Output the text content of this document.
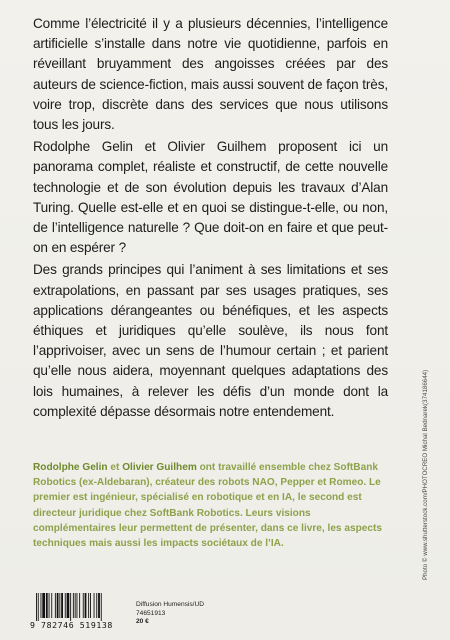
Comme l’électricité il y a plusieurs décennies, l’intelligence artificielle s’installe dans notre vie quotidienne, parfois en réveillant bruyamment des angoisses créées par des auteurs de science-fiction, mais aussi souvent de façon très, voire trop, discrète dans des services que nous utilisons tous les jours.

Rodolphe Gelin et Olivier Guilhem proposent ici un panorama complet, réaliste et constructif, de cette nouvelle technologie et de son évolution depuis les travaux d’Alan Turing. Quelle est-elle et en quoi se distingue-t-elle, ou non, de l’intelligence naturelle ? Que doit-on en faire et que peut-on en espérer ?

Des grands principes qui l’animent à ses limitations et ses extrapolations, en passant par ses usages pratiques, ses applications dérangeantes ou bénéfiques, et les aspects éthiques et juridiques qu’elle soulève, ils nous font l’apprivoiser, avec un sens de l’humour certain ; et parient qu’elle nous aidera, moyennant quelques adaptations des lois humaines, à relever les défis d’un monde dont la complexité dépasse désormais notre entendement.

Rodolphe Gelin et Olivier Guilhem ont travaillé ensemble chez SoftBank Robotics (ex-Aldebaran), créateur des robots NAO, Pepper et Romeo. Le premier est ingénieur, spécialisé en robotique et en IA, le second est directeur juridique chez SoftBank Robotics. Leurs visions complémentaires leur permettent de présenter, dans ce livre, les aspects techniques mais aussi les impacts sociétaux de l’IA.	Photo © www.shutterstock.com/PHOTOCREO Michal Bednarek(374186644)
9 782746 519138
Diffusion Humensis/UD
74651913
20 €
